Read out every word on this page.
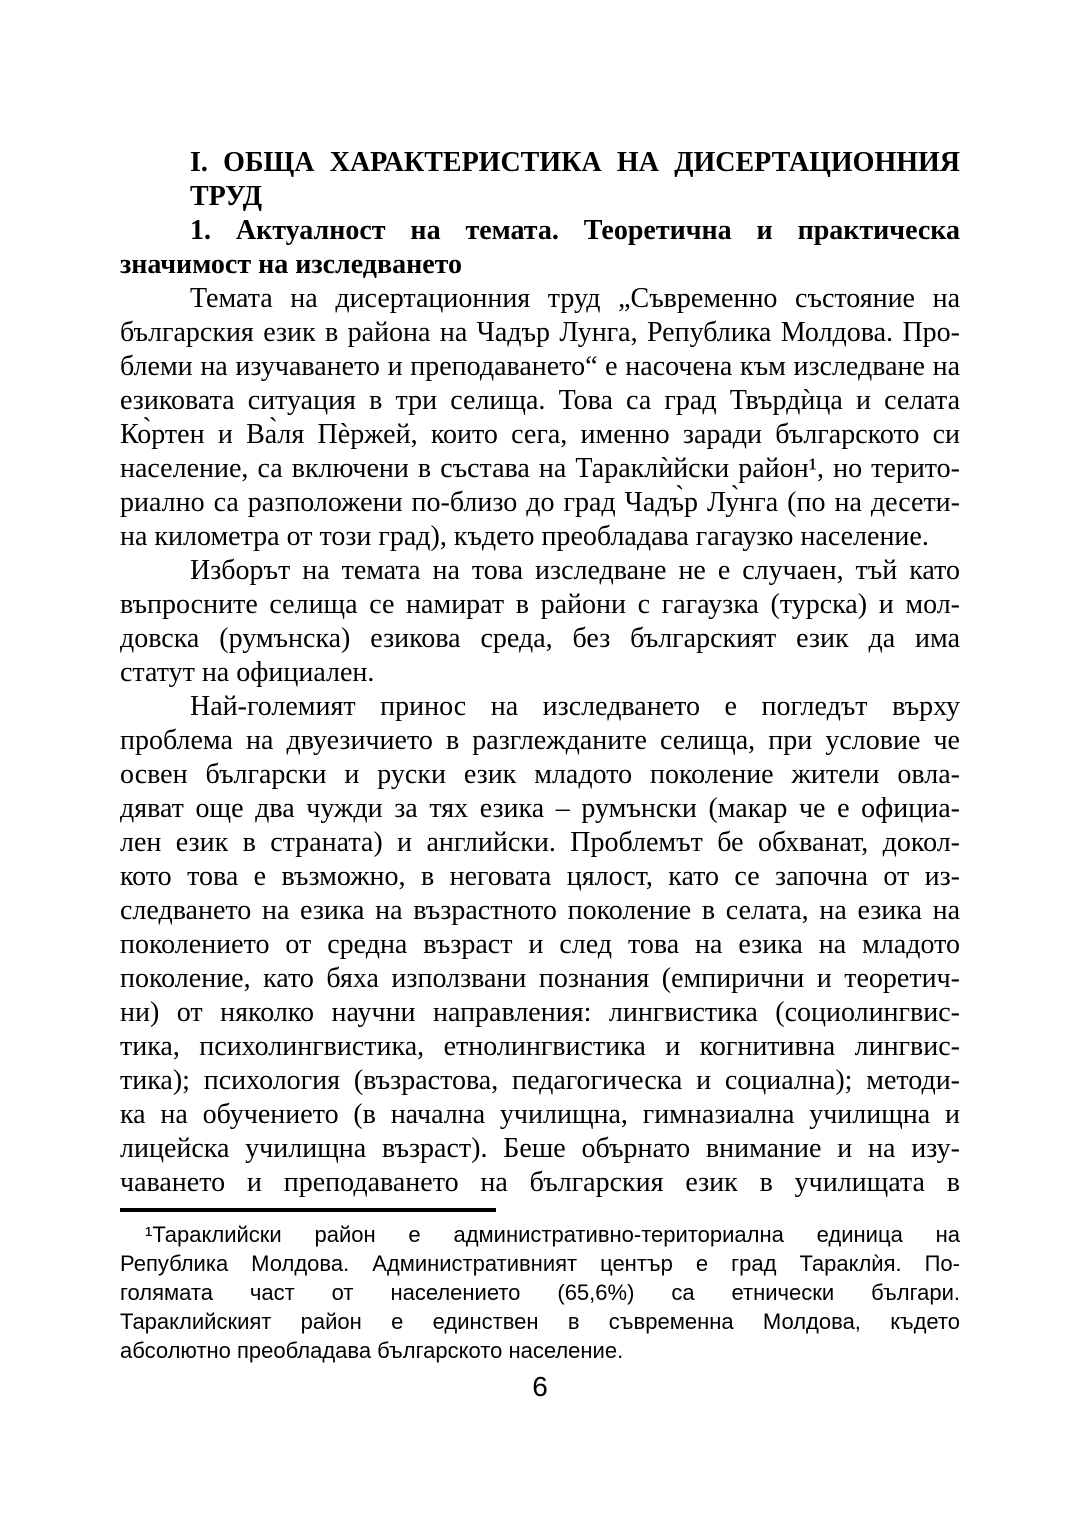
I. ОБЩА ХАРАКТЕРИСТИКА НА ДИСЕРТАЦИОННИЯ
ТРУД
1. Актуалност на темата. Теоретична и практическа
значимост на изследването
Темата на дисертационния труд „Съвременно състояние на
българския език в района на Чадър Лунга, Република Молдова. Про-
блеми на изучаването и преподаването“ е насочена към изследване на
езиковата ситуация в три селища. Това са град Твърдѝца и селата
Ко̀ртен и Ва̀ля Пѐржей, които сега, именно заради българското си
население, са включени в състава на Тараклѝйски район¹, но терито-
риално са разположени по-близо до град Чадъ̀р Лу̀нга (по на десети-
на километра от този град), където преобладава гагаузко население.
Изборът на темата на това изследване не е случаен, тъй като
въпросните селища се намират в райони с гагаузка (турска) и мол-
довска (румънска) езикова среда, без българският език да има
статут на официален.
Най-големият принос на изследването е погледът върху
проблема на двуезичието в разглежданите селища, при условие че
освен български и руски език младото поколение жители овла-
дяват още два чужди за тях езика – румънски (макар че е официа-
лен език в страната) и английски. Проблемът бе обхванат, докол-
кото това е възможно, в неговата цялост, като се започна от из-
следването на езика на възрастното поколение в селата, на езика на
поколението от средна възраст и след това на езика на младото
поколение, като бяха използвани познания (емпирични и теоретич-
ни) от няколко научни направления: лингвистика (социолингвис-
тика, психолингвистика, етнолингвистика и когнитивна лингвис-
тика); психология (възрастова, педагогическа и социална); методи-
ка на обучението (в начална училищна, гимназиална училищна и
лицейска училищна възраст). Беше обърнато внимание и на изу-
чаването и преподаването на българския език в училищата в
¹Тараклийски район е административно-териториална единица на
Република Молдова. Административният център е град Тараклѝя. По-
голямата част от населението (65,6%) са етнически българи.
Тараклийският район е единствен в съвременна Молдова, където
абсолютно преобладава българското население.
6
